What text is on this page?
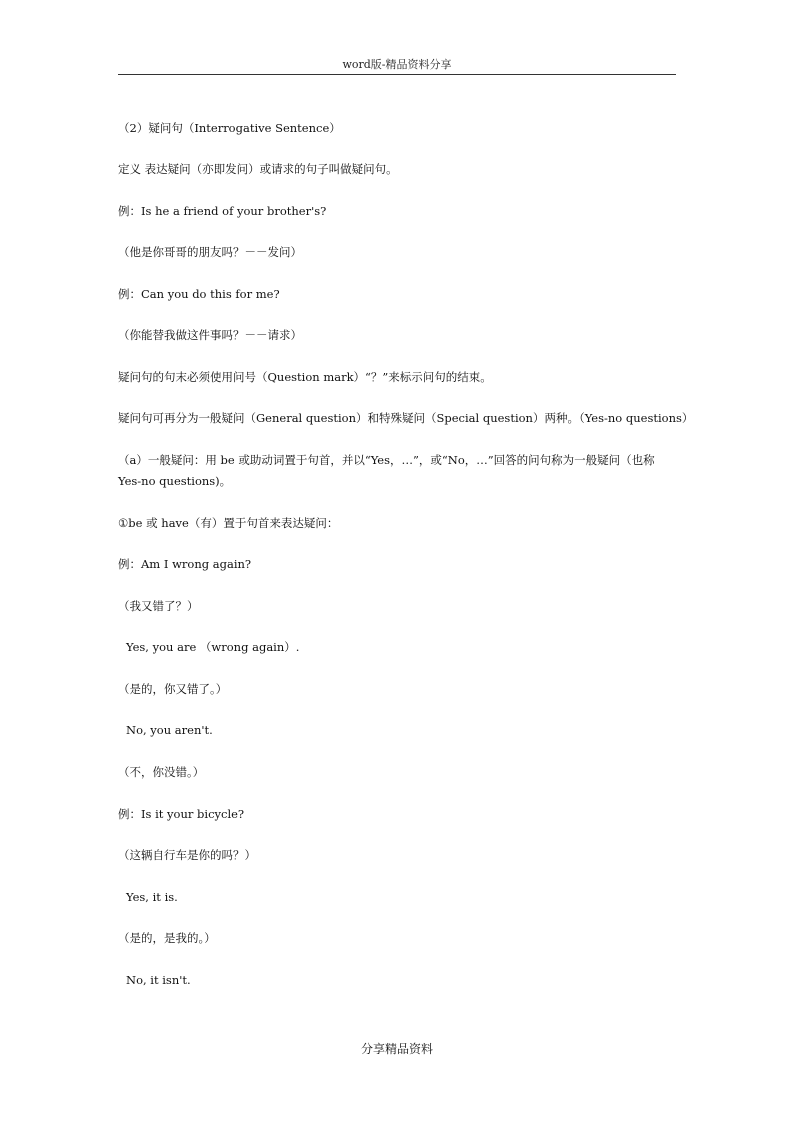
word版-精品资料分享
（2）疑问句（Interrogative Sentence）
定义 表达疑问（亦即发问）或请求的句子叫做疑问句。
例：Is he a friend of your brother's?
（他是你哥哥的朋友吗？－－发问）
例：Can you do this for me?
（你能替我做这件事吗？－－请求）
疑问句的句末必须使用问号（Question mark）“？”来标示问句的结束。
疑问句可再分为一般疑问（General question）和特殊疑问（Special question）两种。（Yes-no questions）
（a）一般疑问：用 be 或助动词置于句首，并以“Yes，…”，或“No，…”回答的问句称为一般疑问（也称 Yes-no questions)。
①be 或 have（有）置于句首来表达疑问：
例：Am I wrong again?
（我又错了？）
Yes, you are （wrong again）.
（是的，你又错了。）
No, you aren't.
（不，你没错。）
例：Is it your bicycle?
（这辆自行车是你的吗？）
Yes, it is.
（是的，是我的。）
No, it isn't.
分享精品资料
